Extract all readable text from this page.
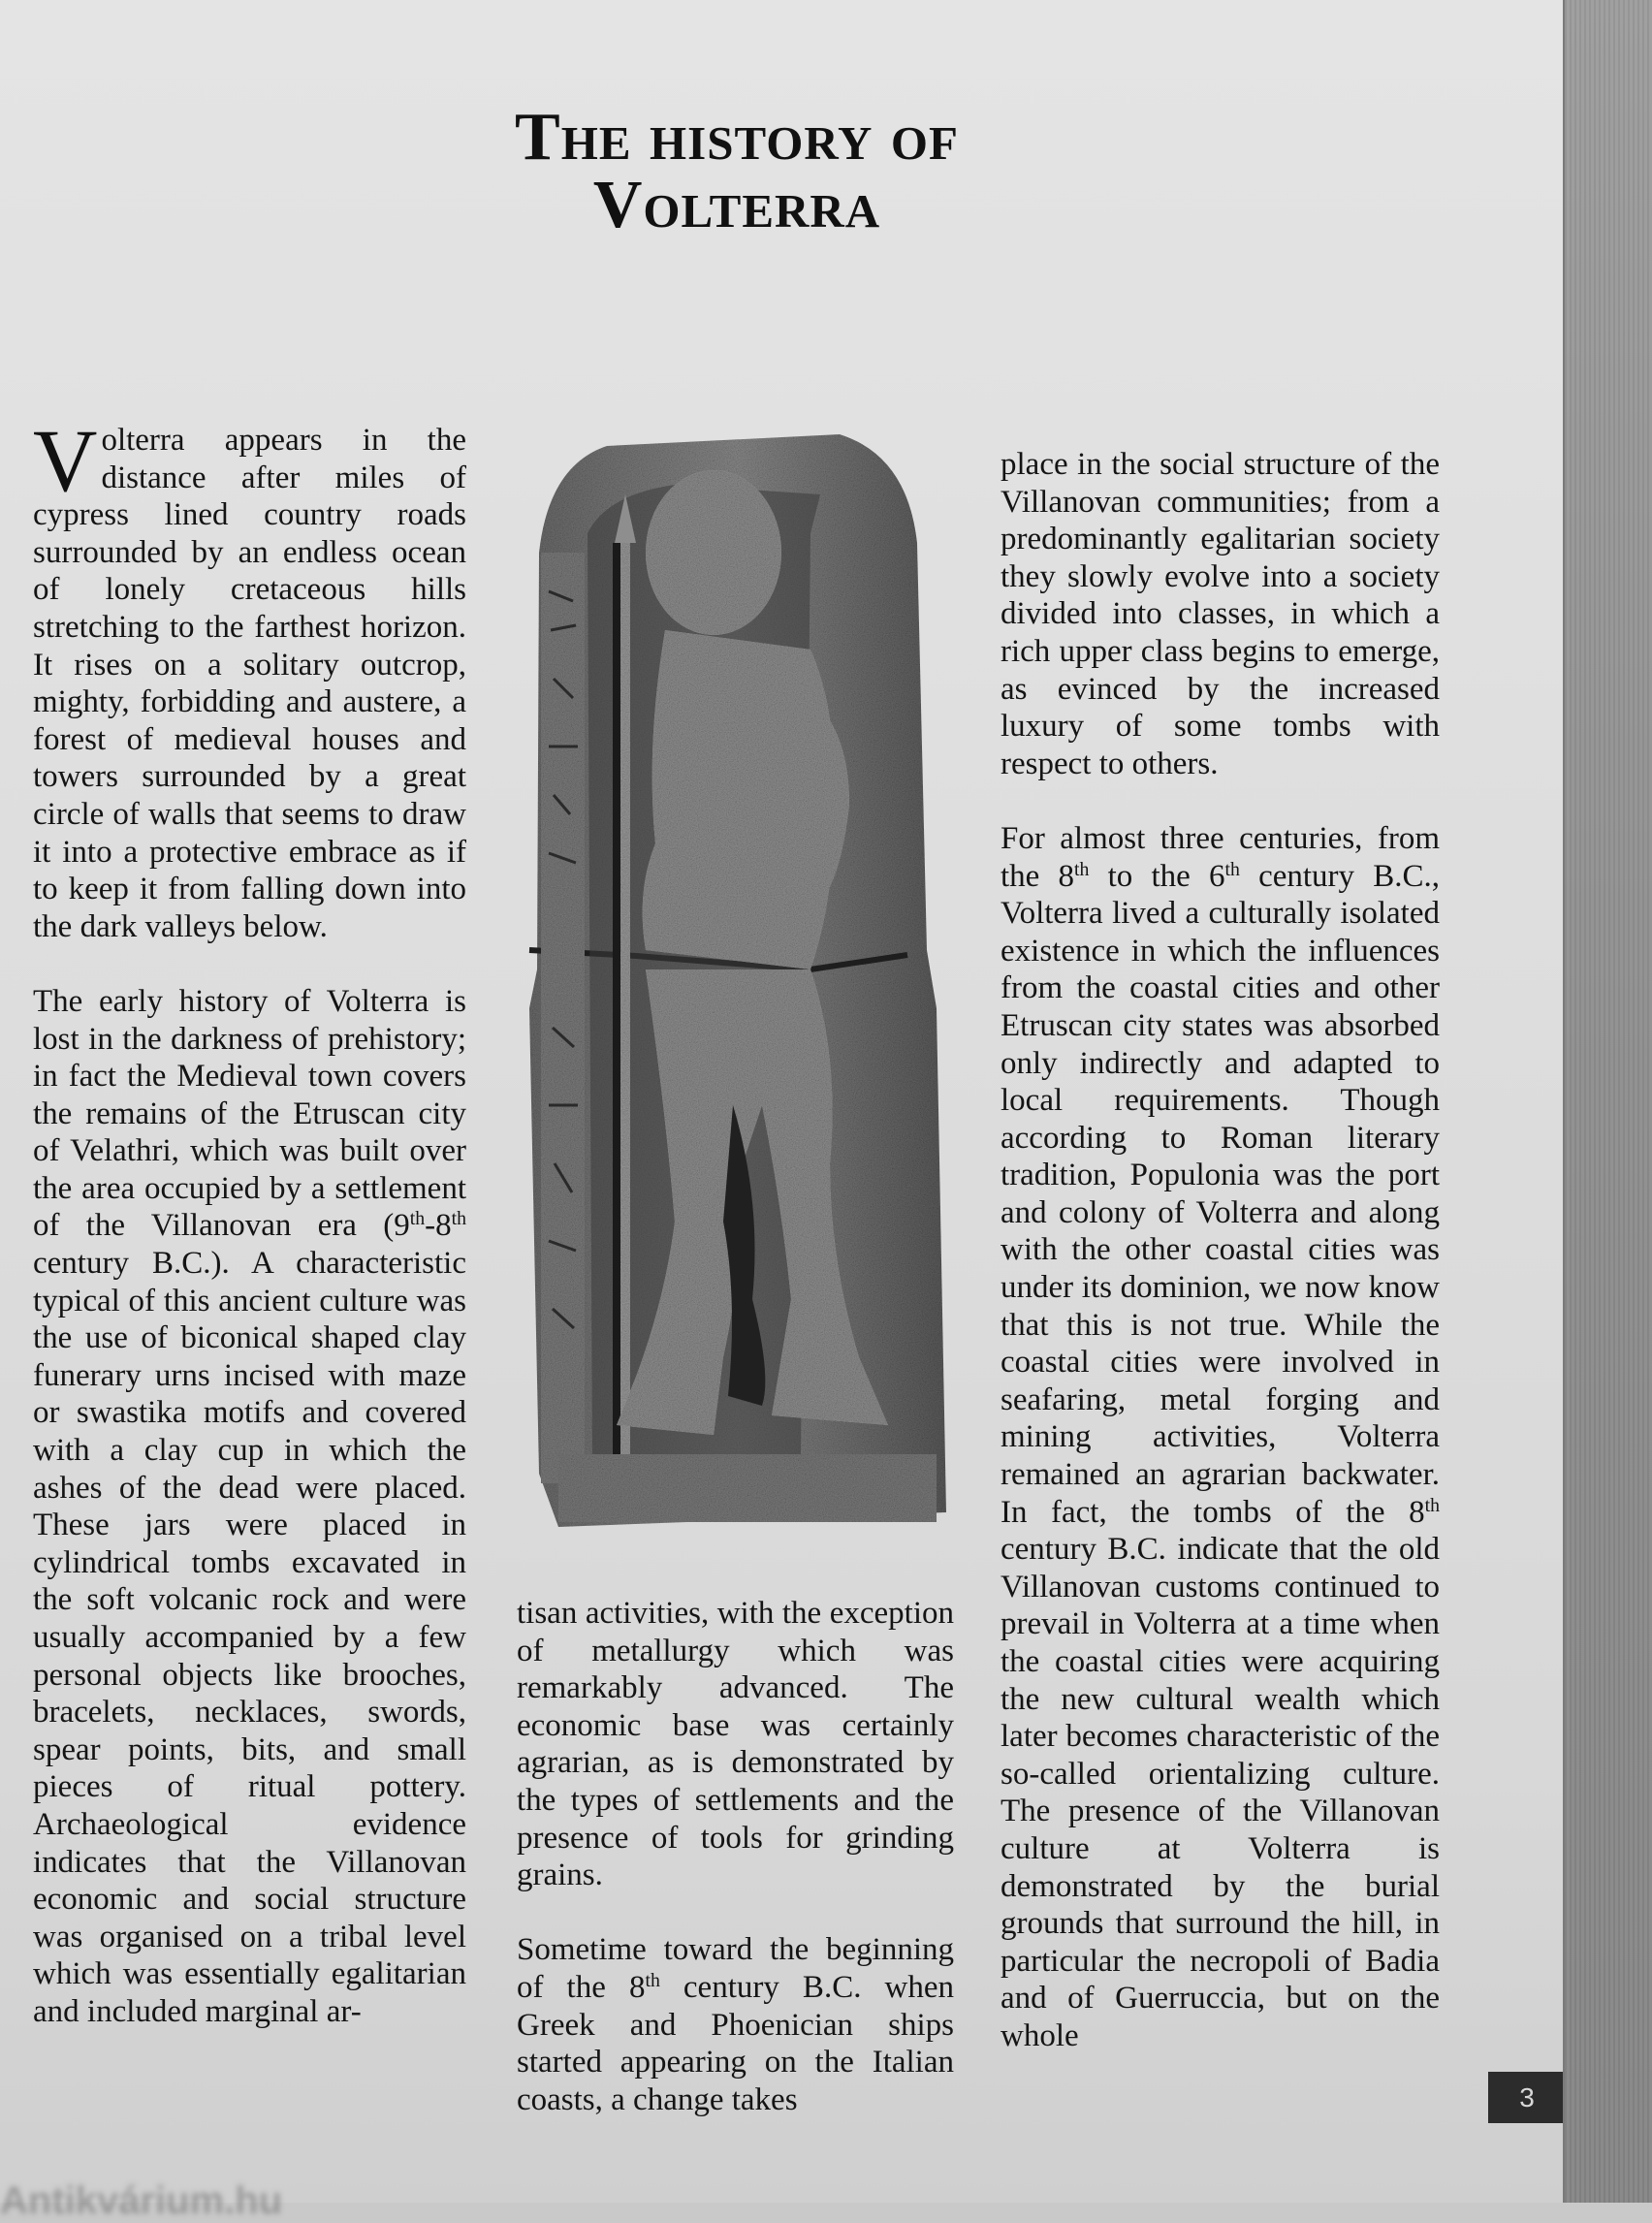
The history of
Volterra

Volterra appears in the distance after miles of cypress lined country roads surrounded by an endless ocean of lonely cretaceous hills stretching to the farthest horizon. It rises on a solitary outcrop, mighty, forbidding and austere, a forest of medieval houses and towers surrounded by a great circle of walls that seems to draw it into a protective embrace as if to keep it from falling down into the dark valleys below.

The early history of Volterra is lost in the darkness of prehistory; in fact the Medieval town covers the remains of the Etruscan city of Velathri, which was built over the area occupied by a settlement of the Villanovan era (9th-8th century B.C.). A characteristic typical of this ancient culture was the use of biconical shaped clay funerary urns incised with maze or swastika motifs and covered with a clay cup in which the ashes of the dead were placed. These jars were placed in cylindrical tombs excavated in the soft volcanic rock and were usually accompanied by a few personal objects like brooches, bracelets, necklaces, swords, spear points, bits, and small pieces of ritual pottery. Archaeological evidence indicates that the Villanovan economic and social structure was organised on a tribal level which was essentially egalitarian and included marginal ar-

tisan activities, with the exception of metallurgy which was remarkably advanced. The economic base was certainly agrarian, as is demonstrated by the types of settlements and the presence of tools for grinding grains.

Sometime toward the beginning of the 8th century B.C. when Greek and Phoenician ships started appearing on the Italian coasts, a change takes

place in the social structure of the Villanovan communities; from a predominantly egalitarian society they slowly evolve into a society divided into classes, in which a rich upper class begins to emerge, as evinced by the increased luxury of some tombs with respect to others.

For almost three centuries, from the 8th to the 6th century B.C., Volterra lived a culturally isolated existence in which the influences from the coastal cities and other Etruscan city states was absorbed only indirectly and adapted to local requirements. Though according to Roman literary tradition, Populonia was the port and colony of Volterra and along with the other coastal cities was under its dominion, we now know that this is not true. While the coastal cities were involved in seafaring, metal forging and mining activities, Volterra remained an agrarian backwater. In fact, the tombs of the 8th century B.C. indicate that the old Villanovan customs continued to prevail in Volterra at a time when the coastal cities were acquiring the new cultural wealth which later becomes characteristic of the so-called orientalizing culture. The presence of the Villanovan culture at Volterra is demonstrated by the burial grounds that surround the hill, in particular the necropoli of Badia and of Guerruccia, but on the whole

3
Antikvárium.hu
